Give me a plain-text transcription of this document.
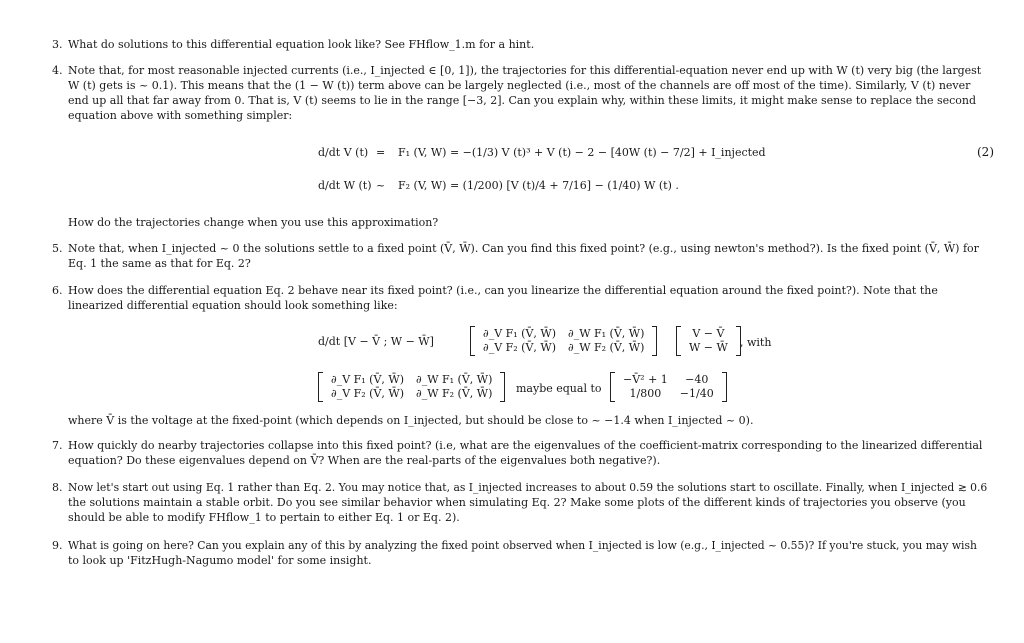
3. What do solutions to this differential equation look like? See FHflow_1.m for a hint.
4. Note that, for most reasonable injected currents (i.e., I_injected ∈ [0, 1]), the trajectories for this differential-equation never end up with W (t) very big (the largest
W (t) gets is ~ 0.1). This means that the (1 − W (t)) term above can be largely neglected (i.e., most of the channels are off most of the time). Similarly, V (t) never
end up all that far away from 0. That is, V (t) seems to lie in the range [−3, 2]. Can you explain why, within these limits, it might make sense to replace the second
equation above with something simpler:
d/dt V (t) = F₁ (V, W) = −(1/3) V (t)³ + V (t) − 2 − [40W (t) − 7/2] + I_injected
d/dt W (t) ~ F₂ (V, W) = (1/200) [V (t)/4 + 7/16] − (1/40) W (t) .
(2)
How do the trajectories change when you use this approximation?
5. Note that, when I_injected ~ 0 the solutions settle to a fixed point (V̄, W̄). Can you find this fixed point? (e.g., using newton's method?). Is the fixed point (V̄, W̄) for
Eq. 1 the same as that for Eq. 2?
6. How does the differential equation Eq. 2 behave near its fixed point? (i.e., can you linearize the differential equation around the fixed point?). Note that the
linearized differential equation should look something like:
d/dt [V − V̄ ; W − W̄]
∂_V F₁ (V̄, W̄)	∂_W F₁ (V̄, W̄)
∂_V F₂ (V̄, W̄)	∂_W F₂ (V̄, W̄)
V − V̄
W − W̄ , with
∂_V F₁ (V̄, W̄)	∂_W F₁ (V̄, W̄)
∂_V F₂ (V̄, W̄)	∂_W F₂ (V̄, W̄) maybe equal to
−V̄² + 1	−40
1/800	−1/40
where V̄ is the voltage at the fixed-point (which depends on I_injected, but should be close to ~ −1.4 when I_injected ~ 0).
7. How quickly do nearby trajectories collapse into this fixed point? (i.e, what are the eigenvalues of the coefficient-matrix corresponding to the linearized differential
equation? Do these eigenvalues depend on V̄? When are the real-parts of the eigenvalues both negative?).
8. Now let's start out using Eq. 1 rather than Eq. 2. You may notice that, as I_injected increases to about 0.59 the solutions start to oscillate. Finally, when I_injected ≳ 0.6
the solutions maintain a stable orbit. Do you see similar behavior when simulating Eq. 2? Make some plots of the different kinds of trajectories you observe (you
should be able to modify FHflow_1 to pertain to either Eq. 1 or Eq. 2).
9. What is going on here? Can you explain any of this by analyzing the fixed point observed when I_injected is low (e.g., I_injected ~ 0.55)? If you're stuck, you may wish
to look up 'FitzHugh-Nagumo model' for some insight.
